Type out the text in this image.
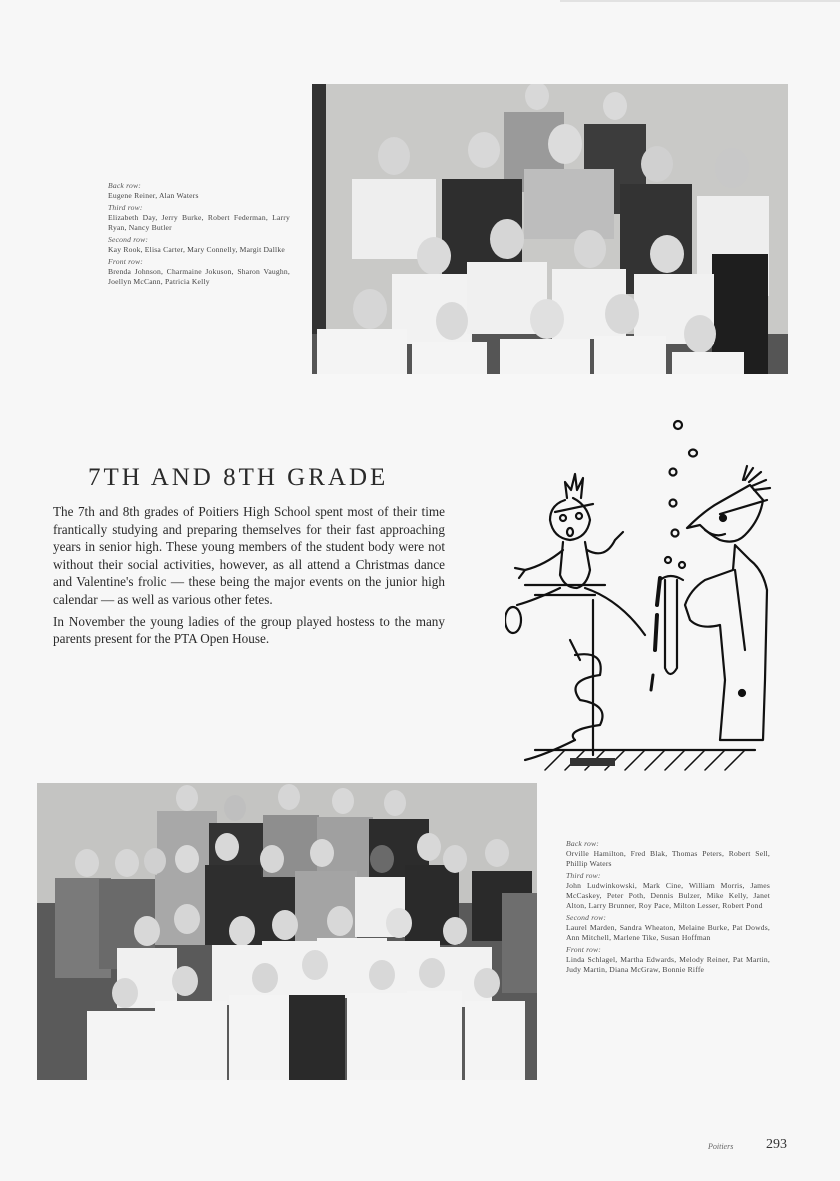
Back row:
Eugene Reiner, Alan Waters
Third row:
Elizabeth Day, Jerry Burke, Robert Federman, Larry Ryan, Nancy Butler
Second row:
Kay Rook, Elisa Carter, Mary Connelly, Margit Dallke
Front row:
Brenda Johnson, Charmaine Jokuson, Sharon Vaughn, Joellyn McCann, Patricia Kelly
7TH AND 8TH GRADE

The 7th and 8th grades of Poitiers High School spent most of their time frantically studying and preparing themselves for their fast approaching years in senior high. These young members of the student body were not without their social activities, however, as all attend a Christmas dance and Valentine's frolic — these being the major events on the junior high calendar — as well as various other fetes.

In November the young ladies of the group played hostess to the many parents present for the PTA Open House.

Back row:
Orville Hamilton, Fred Blak, Thomas Peters, Robert Sell, Phillip Waters
Third row:
John Ludwinkowski, Mark Cine, William Morris, James McCaskey, Peter Poth, Dennis Bulzer, Mike Kelly, Janet Alton, Larry Brunner, Roy Pace, Milton Lesser, Robert Pond
Second row:
Laurel Marden, Sandra Wheaton, Melaine Burke, Pat Dowds, Ann Mitchell, Marlene Tike, Susan Hoffman
Front row:
Linda Schlagel, Martha Edwards, Melody Reiner, Pat Martin, Judy Martin, Diana McGraw, Bonnie Riffe
Poitiers 293
